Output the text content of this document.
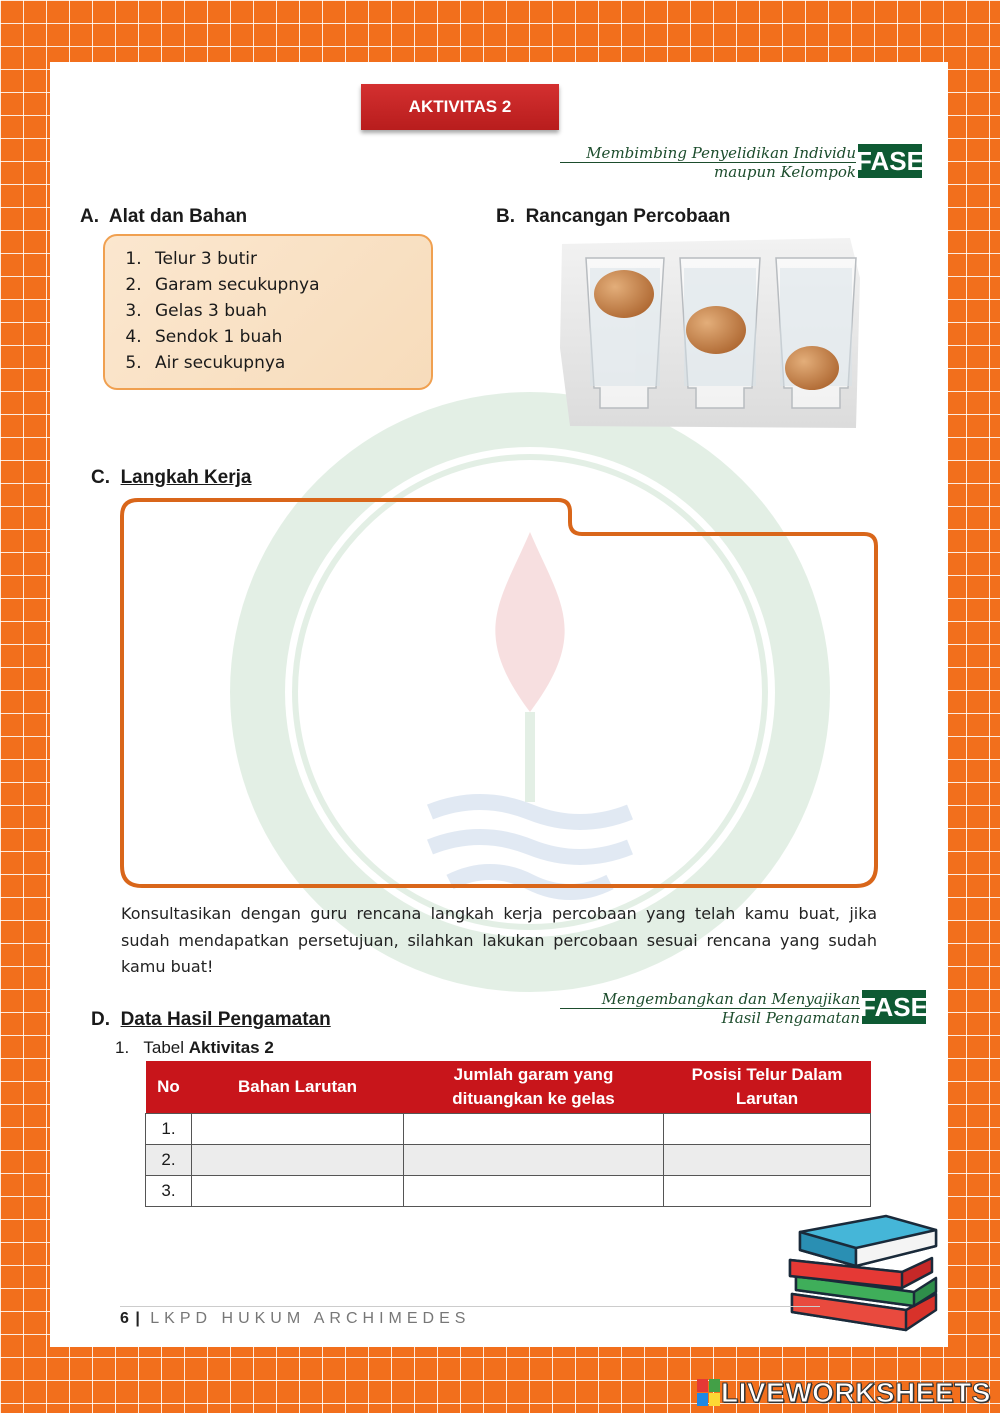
AKTIVITAS 2
Membimbing Penyelidikan Individu
maupun Kelompok FASE
A. Alat dan Bahan
1. Telur 3 butir
2. Garam secukupnya
3. Gelas 3 buah
4. Sendok 1 buah
5. Air secukupnya
B. Rancangan Percobaan
C. Langkah Kerja
Konsultasikan dengan guru rencana langkah kerja percobaan yang telah kamu buat, jika sudah mendapatkan persetujuan, silahkan lakukan percobaan sesuai rencana yang sudah kamu buat!
Mengembangkan dan Menyajikan
Hasil Pengamatan FASE
D. Data Hasil Pengamatan
1. Tabel Aktivitas 2
No	Bahan Larutan	Jumlah garam yang dituangkan ke gelas	Posisi Telur Dalam Larutan
1.			
2.			
3.			
6 | LKPD HUKUM ARCHIMEDES
LIVEWORKSHEETS
